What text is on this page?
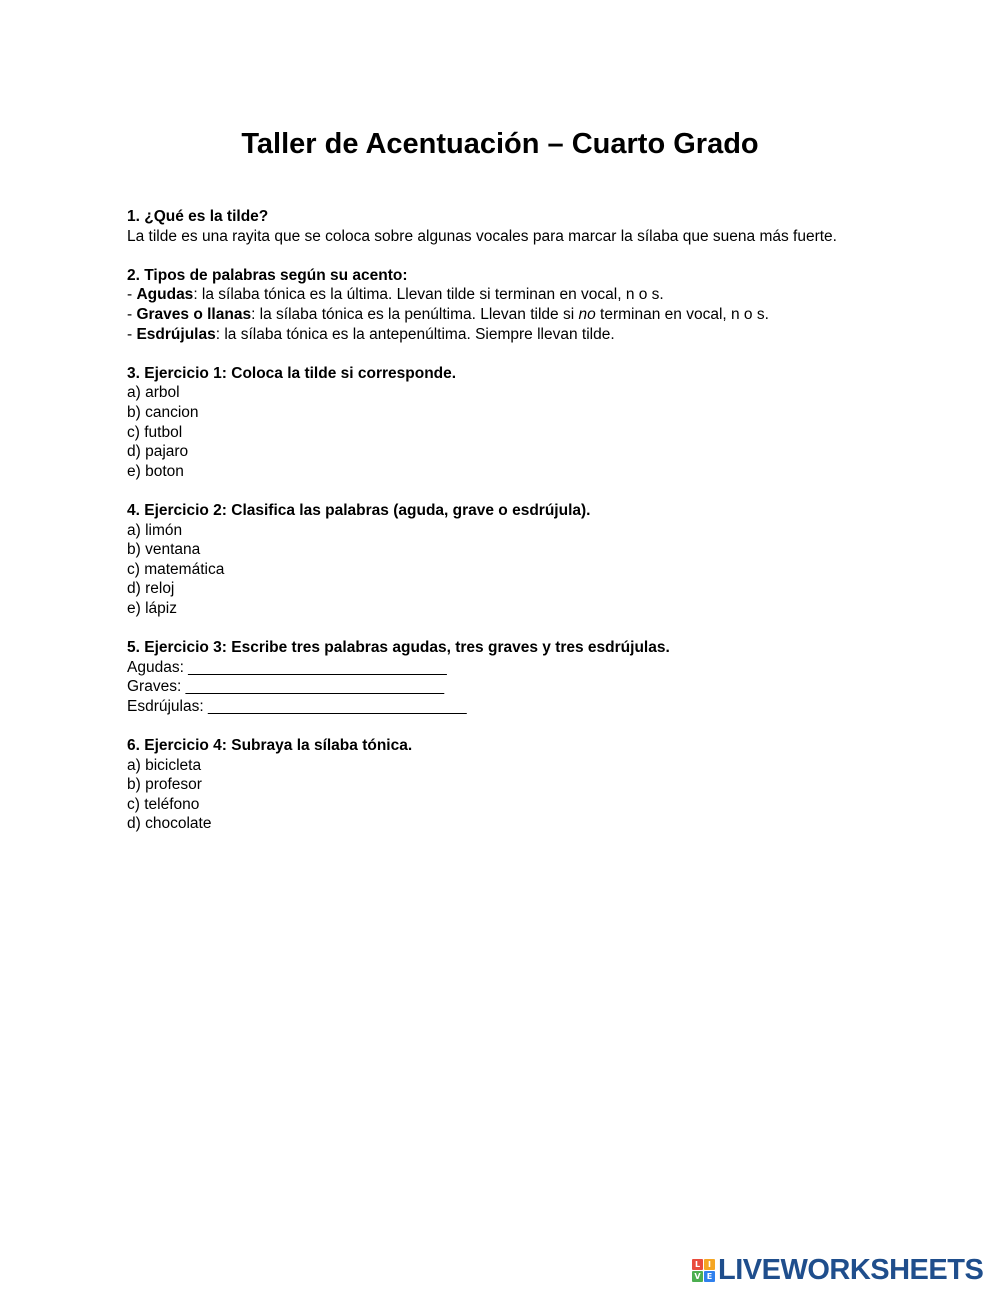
Taller de Acentuación – Cuarto Grado

1. ¿Qué es la tilde?

La tilde es una rayita que se coloca sobre algunas vocales para marcar la sílaba que suena más fuerte.

2. Tipos de palabras según su acento:

- Agudas: la sílaba tónica es la última. Llevan tilde si terminan en vocal, n o s.

- Graves o llanas: la sílaba tónica es la penúltima. Llevan tilde si no terminan en vocal, n o s.

- Esdrújulas: la sílaba tónica es la antepenúltima. Siempre llevan tilde.

3. Ejercicio 1: Coloca la tilde si corresponde.

a) arbol

b) cancion

c) futbol

d) pajaro

e) boton

4. Ejercicio 2: Clasifica las palabras (aguda, grave o esdrújula).

a) limón

b) ventana

c) matemática

d) reloj

e) lápiz

5. Ejercicio 3: Escribe tres palabras agudas, tres graves y tres esdrújulas.

Agudas: ______________________________

Graves: ______________________________

Esdrújulas: ______________________________

6. Ejercicio 4: Subraya la sílaba tónica.

a) bicicleta

b) profesor

c) teléfono

d) chocolate

L I
V E LIVEWORKSHEETS
